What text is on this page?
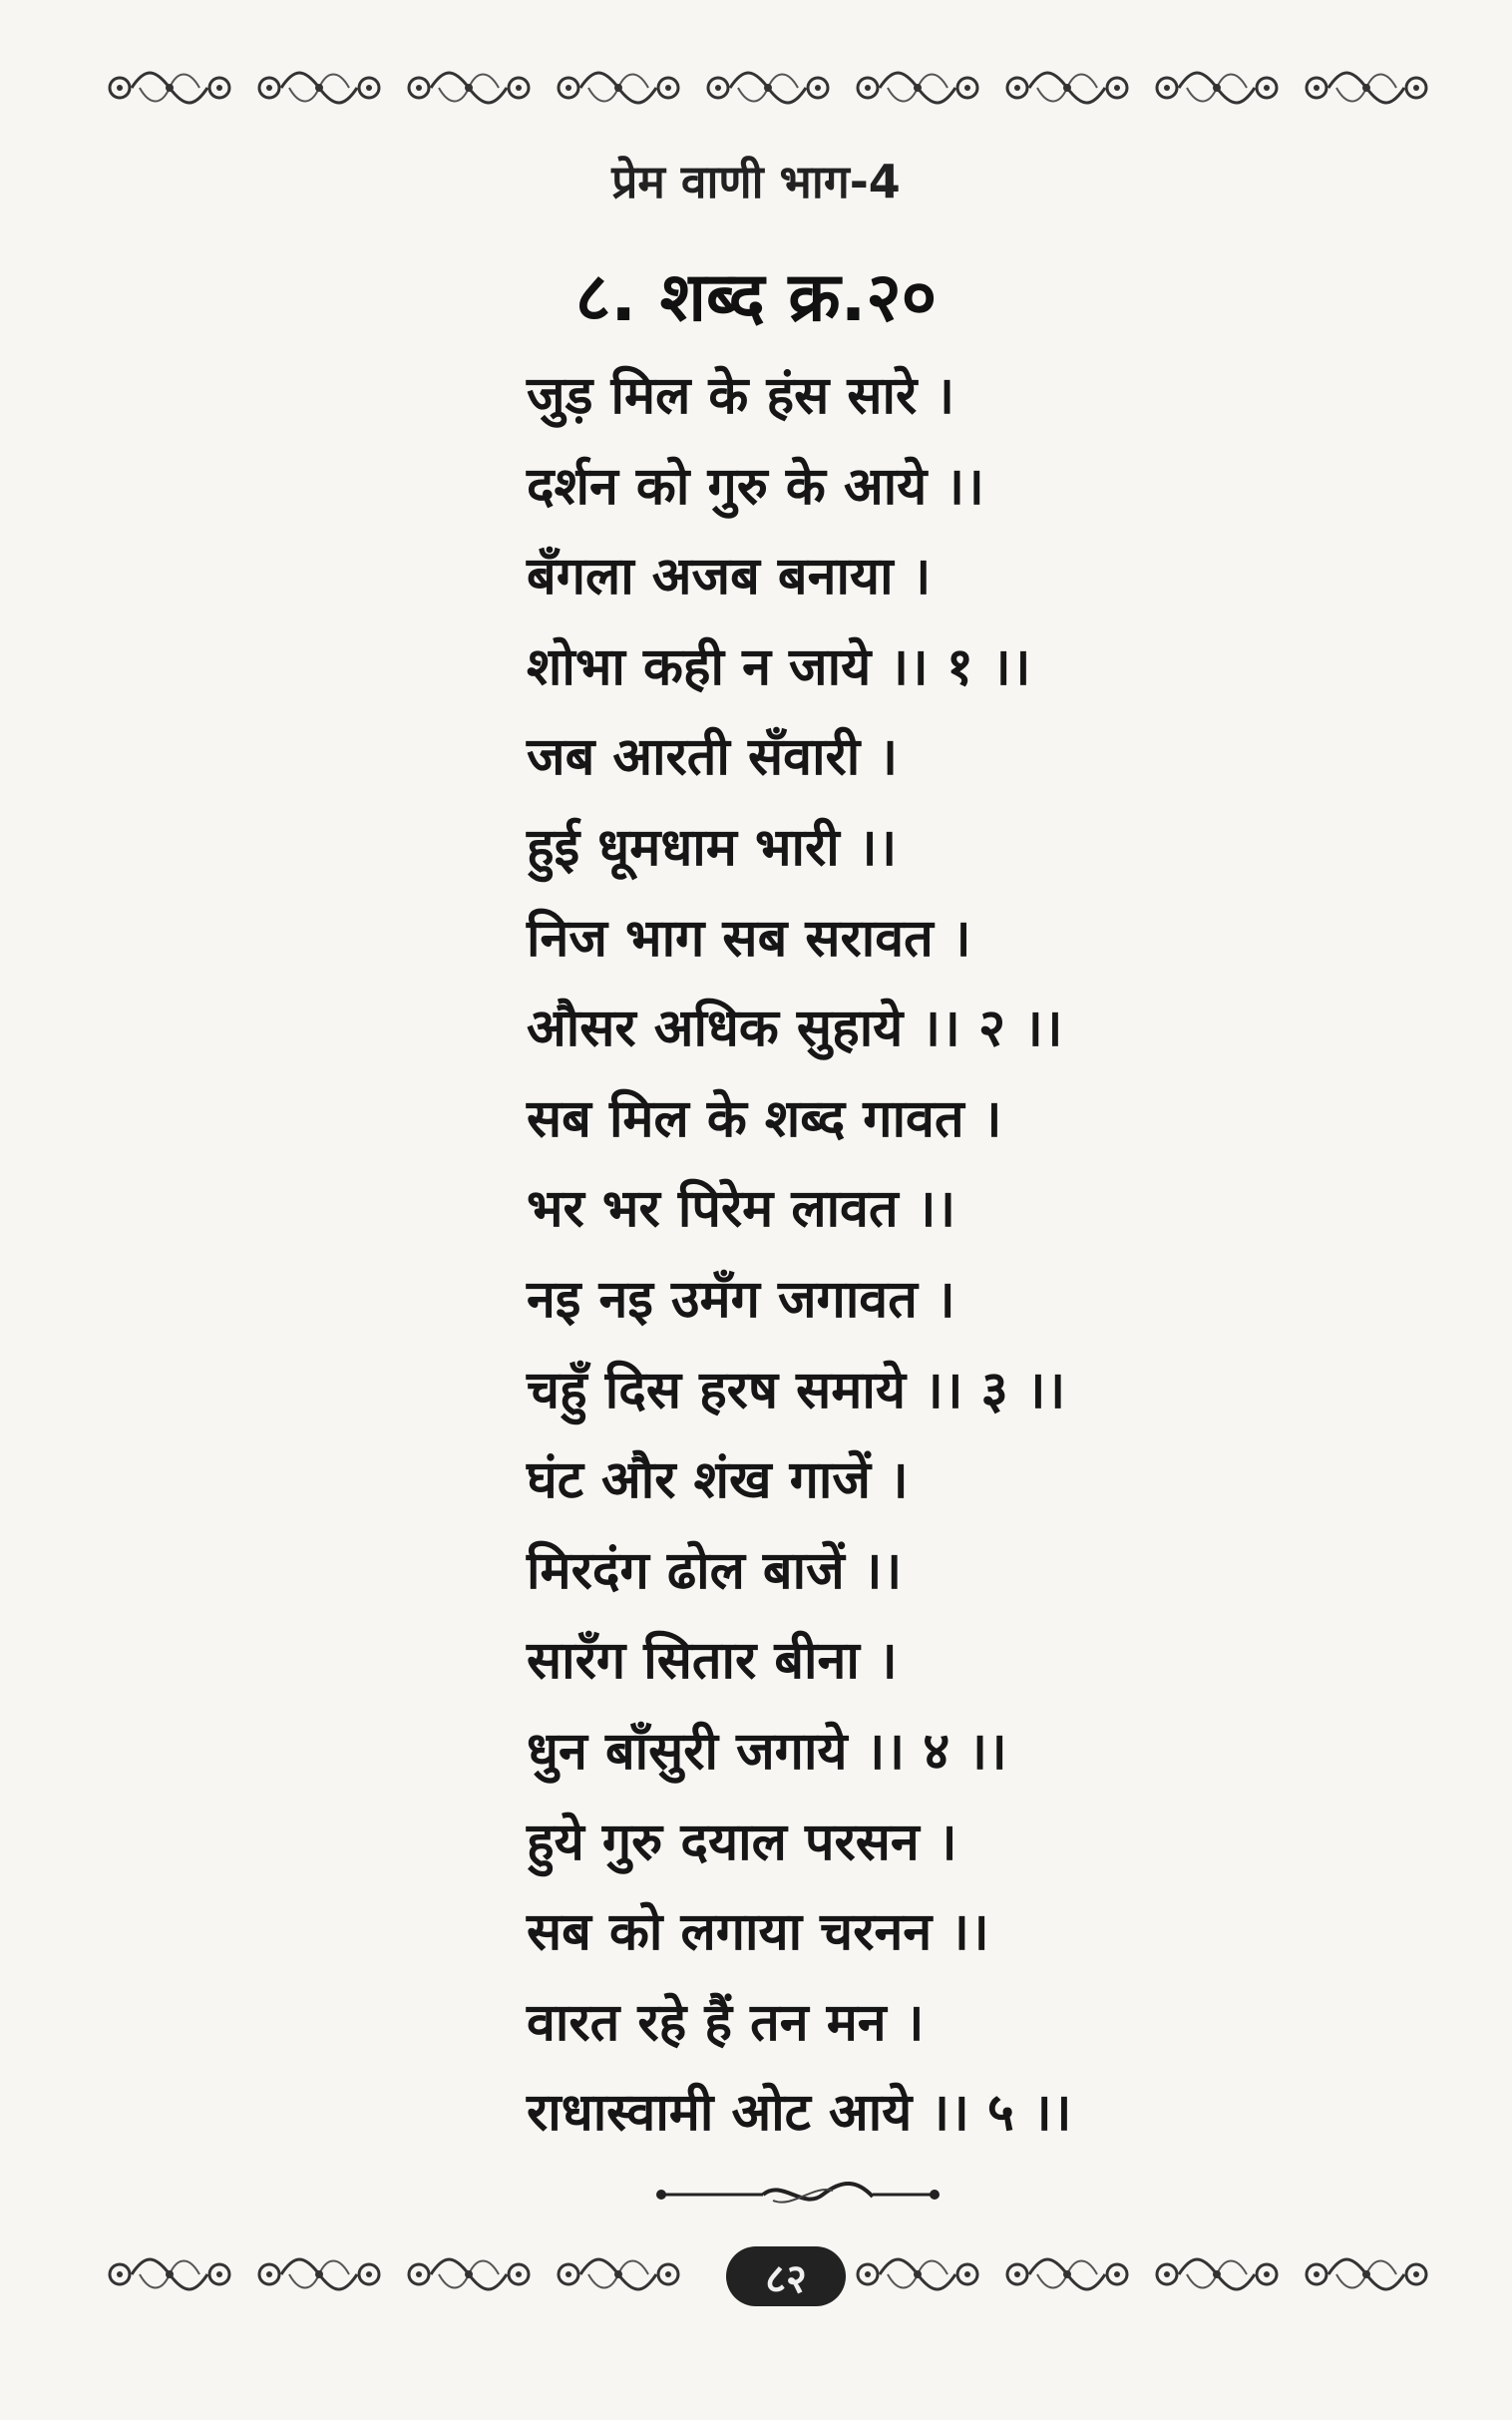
प्रेम वाणी भाग-4
८. शब्द क्र.२०
जुड़ मिल के हंस सारे ।
दर्शन को गुरु के आये ।।
बँगला अजब बनाया ।
शोभा कही न जाये ।। १ ।।
जब आरती सँवारी ।
हुई धूमधाम भारी ।।
निज भाग सब सरावत ।
औसर अधिक सुहाये ।। २ ।।
सब मिल के शब्द गावत ।
भर भर पिरेम लावत ।।
नइ नइ उमँग जगावत ।
चहुँ दिस हरष समाये ।। ३ ।।
घंट और शंख गाजें ।
मिरदंग ढोल बाजें ।।
सारँग सितार बीना ।
धुन बाँसुरी जगाये ।। ४ ।।
हुये गुरु दयाल परसन ।
सब को लगाया चरनन ।।
वारत रहे हैं तन मन ।
राधास्वामी ओट आये ।। ५ ।।
८२
